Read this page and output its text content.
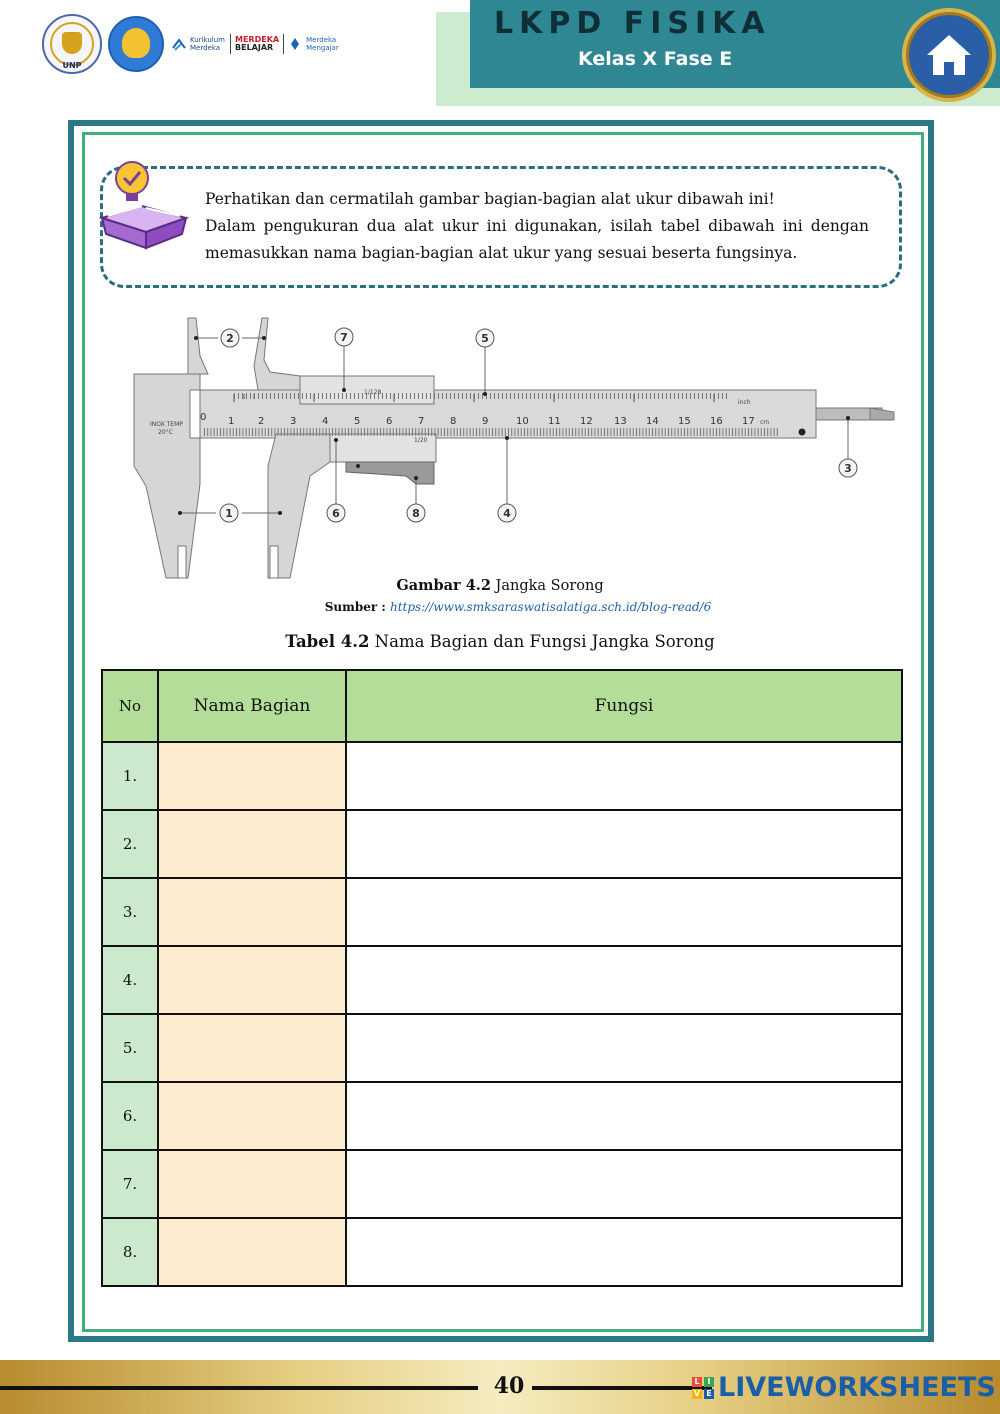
UNP
Kurikulum Merdeka
MERDEKA
BELAJAR
Merdeka Mengajar
LKPD FISIKA
Kelas X Fase E

Perhatikan dan cermatilah gambar bagian-bagian alat ukur dibawah ini!

Dalam pengukuran dua alat ukur ini digunakan, isilah tabel dibawah ini dengan memasukkan nama bagian-bagian alat ukur yang sesuai beserta fungsinya.

0 1 2	3	4	5	6	7	8	9	10 11 12 13 14 15 16 17
inch
cm
INOX TEMP
20°C
1/128
1/20
1
2
3
4
5
6
7
8
Gambar 4.2 Jangka Sorong
Sumber : https://www.smksaraswatisalatiga.sch.id/blog-read/6
Tabel 4.2 Nama Bagian dan Fungsi Jangka Sorong
No	Nama Bagian	Fungsi
1.		
2.		
3.		
4.		
5.		
6.		
7.		
8.		
40	L I
V E LIVEWORKSHEETS
